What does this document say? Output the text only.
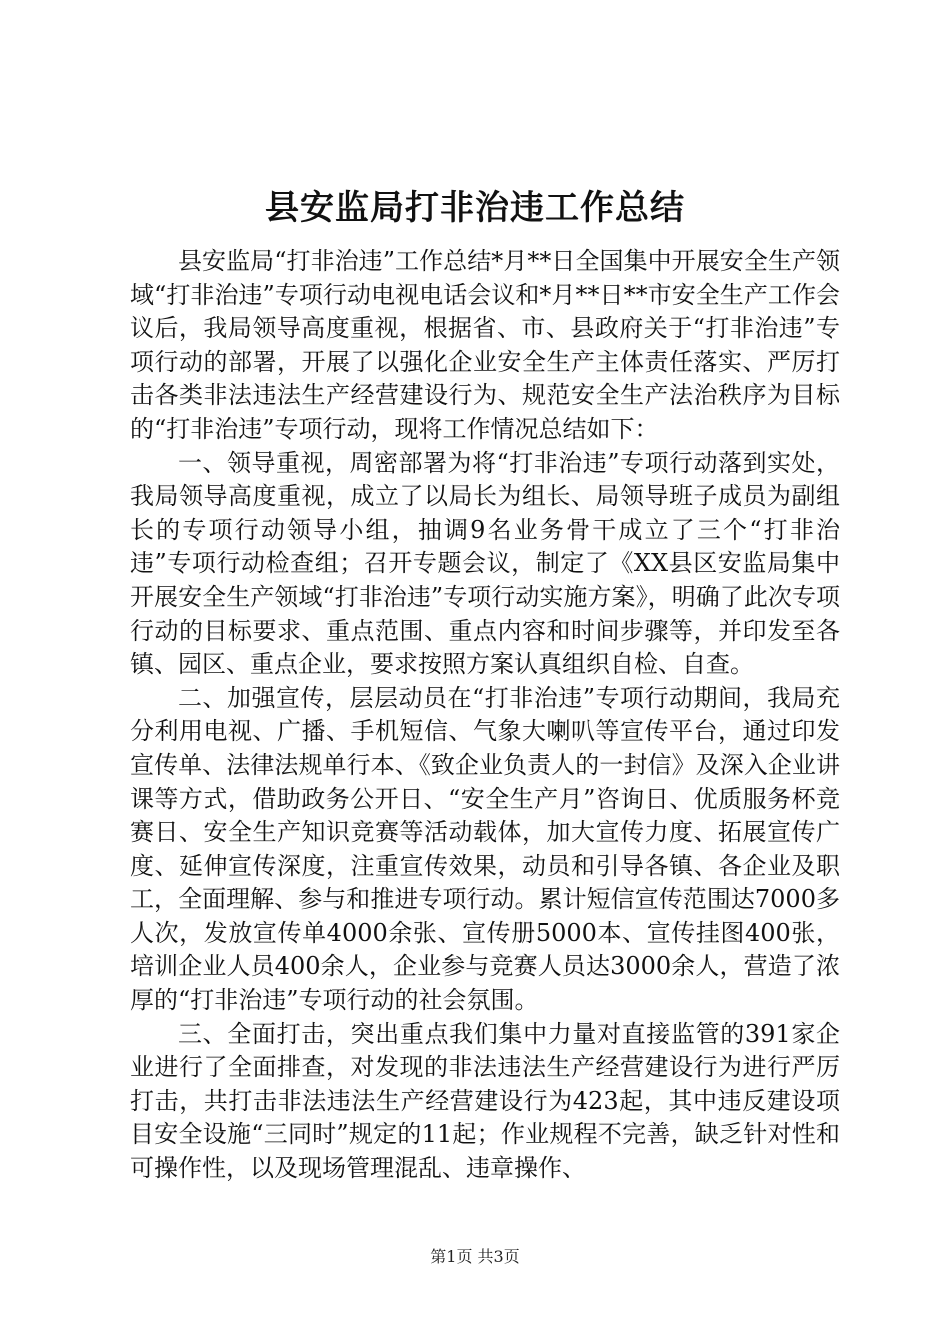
县安监局打非治违工作总结

县安监局“打非治违”工作总结*月**日全国集中开展安全生产领域“打非治违”专项行动电视电话会议和*月**日**市安全生产工作会议后，我局领导高度重视，根据省、市、县政府关于“打非治违”专项行动的部署，开展了以强化企业安全生产主体责任落实、严厉打击各类非法违法生产经营建设行为、规范安全生产法治秩序为目标的“打非治违”专项行动，现将工作情况总结如下：

一、领导重视，周密部署为将“打非治违”专项行动落到实处，我局领导高度重视，成立了以局长为组长、局领导班子成员为副组长的专项行动领导小组，抽调9名业务骨干成立了三个“打非治违”专项行动检查组；召开专题会议，制定了《XX县区安监局集中开展安全生产领域“打非治违”专项行动实施方案》，明确了此次专项行动的目标要求、重点范围、重点内容和时间步骤等，并印发至各镇、园区、重点企业，要求按照方案认真组织自检、自查。

二、加强宣传，层层动员在“打非治违”专项行动期间，我局充分利用电视、广播、手机短信、气象大喇叭等宣传平台，通过印发宣传单、法律法规单行本、《致企业负责人的一封信》及深入企业讲课等方式，借助政务公开日、“安全生产月”咨询日、优质服务杯竞赛日、安全生产知识竞赛等活动载体，加大宣传力度、拓展宣传广度、延伸宣传深度，注重宣传效果，动员和引导各镇、各企业及职工，全面理解、参与和推进专项行动。累计短信宣传范围达7000多人次，发放宣传单4000余张、宣传册5000本、宣传挂图400张，培训企业人员400余人，企业参与竞赛人员达3000余人，营造了浓厚的“打非治违”专项行动的社会氛围。

三、全面打击，突出重点我们集中力量对直接监管的391家企业进行了全面排查，对发现的非法违法生产经营建设行为进行严厉打击，共打击非法违法生产经营建设行为423起，其中违反建设项目安全设施“三同时”规定的11起；作业规程不完善，缺乏针对性和可操作性，以及现场管理混乱、违章操作、

第1页 共3页
